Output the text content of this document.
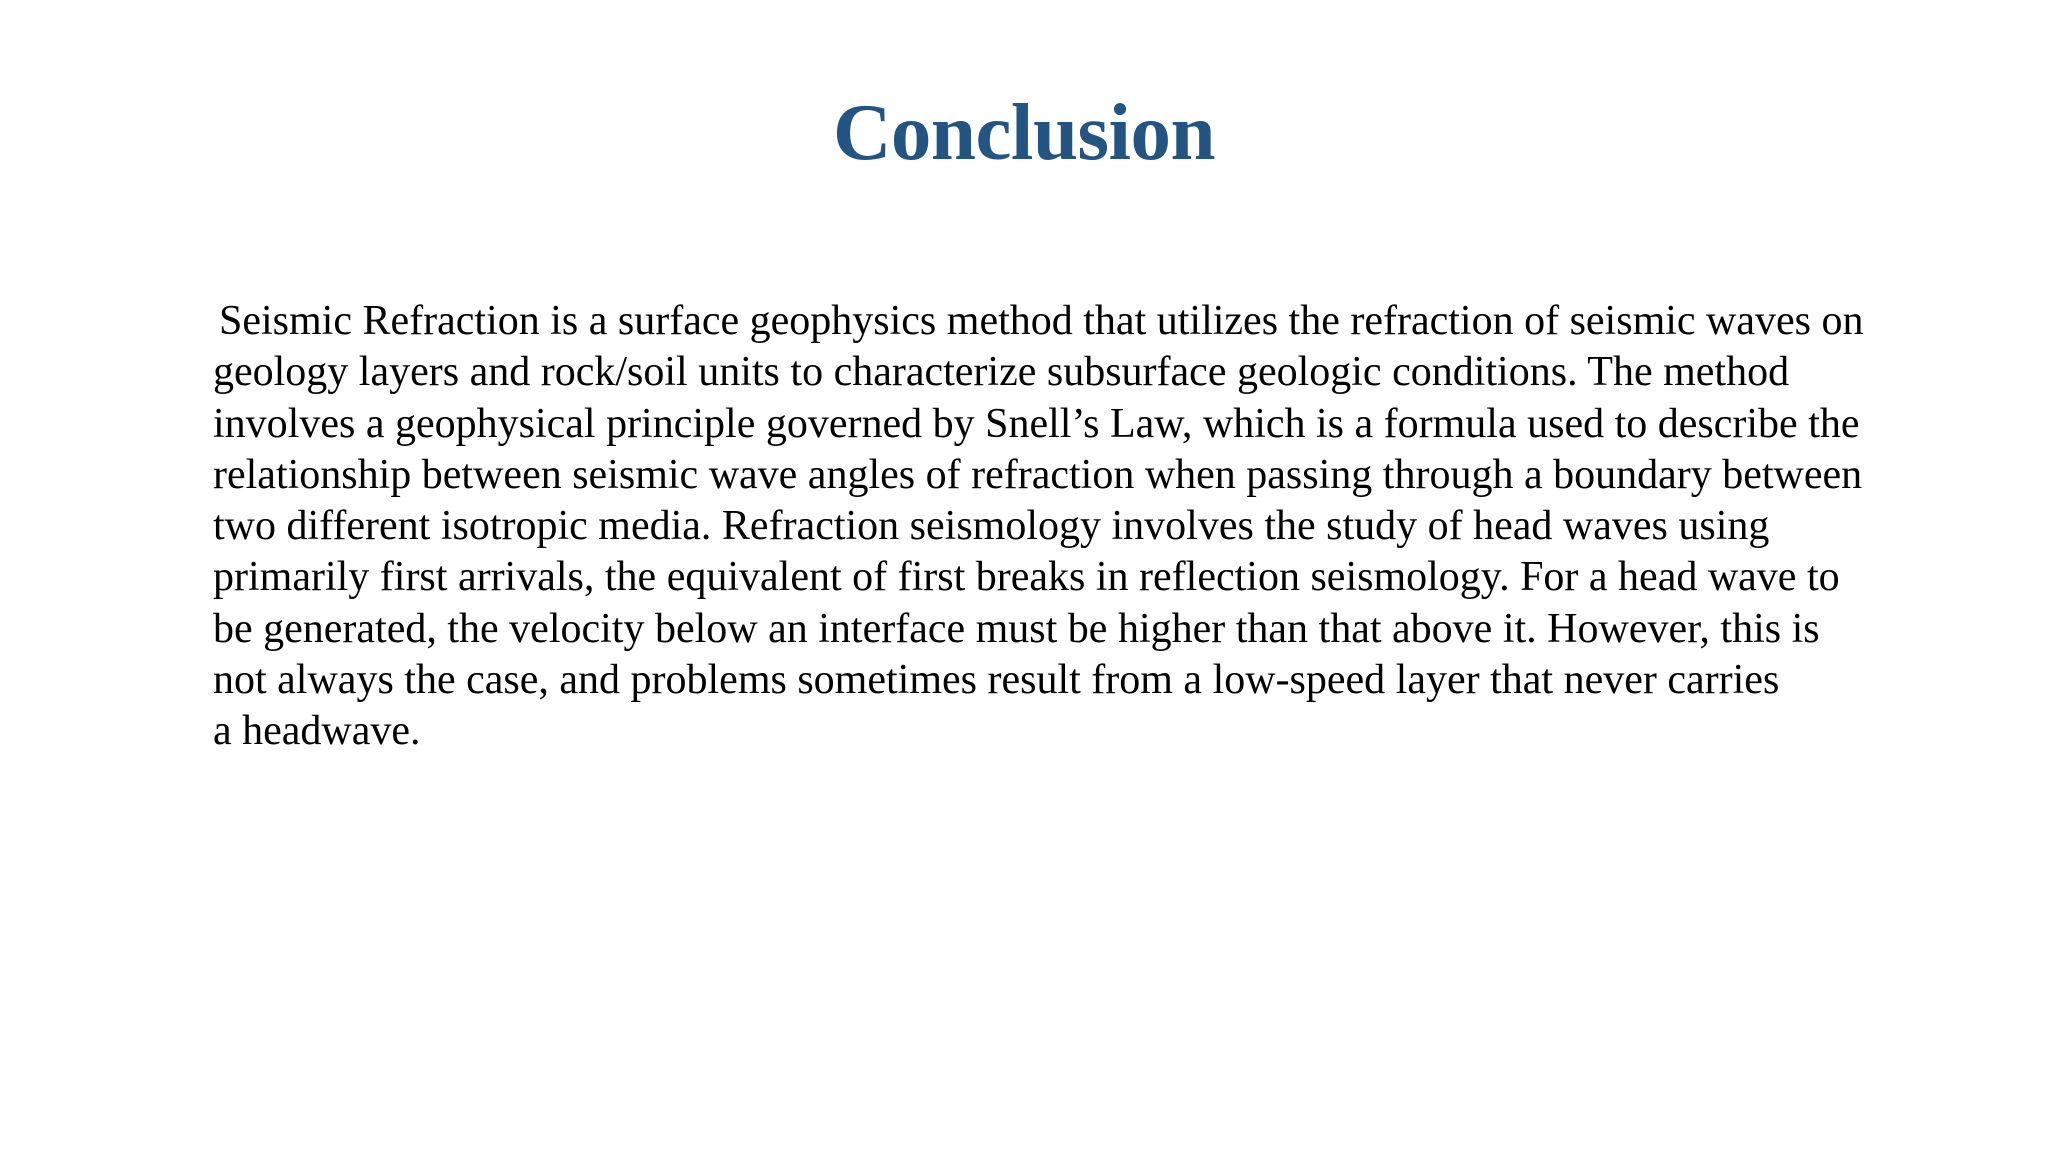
Conclusion
Seismic Refraction is a surface geophysics method that utilizes the refraction of seismic waves on
geology layers and rock/soil units to characterize subsurface geologic conditions. The method
involves a geophysical principle governed by Snell’s Law, which is a formula used to describe the
relationship between seismic wave angles of refraction when passing through a boundary between
two different isotropic media. Refraction seismology involves the study of head waves using
primarily first arrivals, the equivalent of first breaks in reflection seismology. For a head wave to
be generated, the velocity below an interface must be higher than that above it. However, this is
not always the case, and problems sometimes result from a low-speed layer that never carries
a headwave.
